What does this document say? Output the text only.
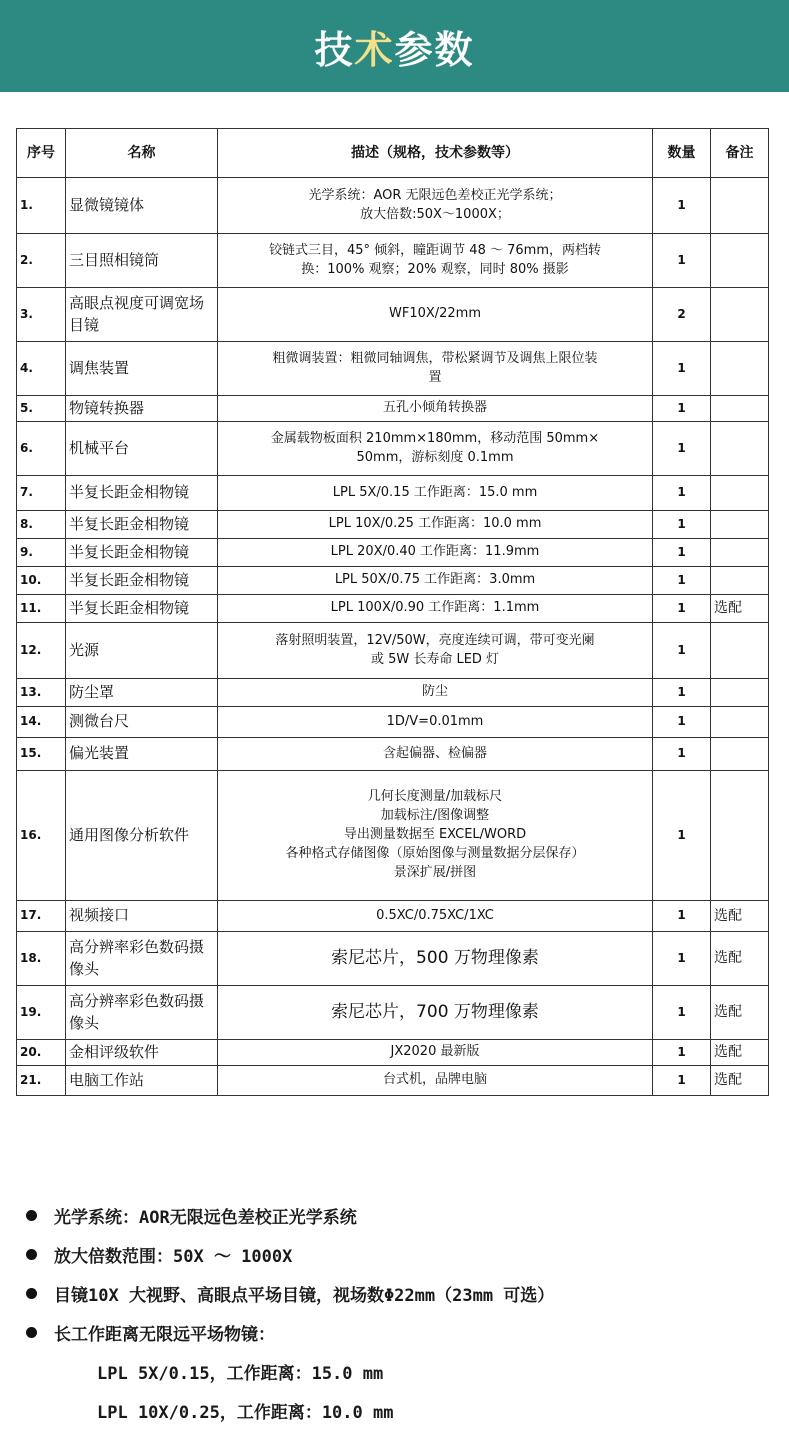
技术参数
序号	名称	描述（规格，技术参数等）	数量	备注
1.	显微镜镜体	光学系统：AOR 无限远色差校正光学系统；
放大倍数:50X～1000X；	1	
2.	三目照相镜筒	铰链式三目，45° 倾斜，瞳距调节 48 ～ 76mm，两档转
换：100% 观察；20% 观察，同时 80% 摄影	1	
3.	高眼点视度可调宽场目镜	WF10X/22mm	2	
4.	调焦装置	粗微调装置：粗微同轴调焦，带松紧调节及调焦上限位装
置	1	
5.	物镜转换器	五孔小倾角转换器	1	
6.	机械平台	金属载物板面积 210mm×180mm，移动范围 50mm×
50mm，游标刻度 0.1mm	1	
7.	半复长距金相物镜	LPL 5X/0.15 工作距离：15.0 mm	1	
8.	半复长距金相物镜	LPL 10X/0.25 工作距离：10.0 mm	1	
9.	半复长距金相物镜	LPL 20X/0.40 工作距离：11.9mm	1	
10.	半复长距金相物镜	LPL 50X/0.75 工作距离：3.0mm	1	
11.	半复长距金相物镜	LPL 100X/0.90 工作距离：1.1mm	1	选配
12.	光源	落射照明装置，12V/50W，亮度连续可调，带可变光阑
或 5W 长寿命 LED 灯	1	
13.	防尘罩	防尘	1	
14.	测微台尺	1D/V=0.01mm	1	
15.	偏光装置	含起偏器、检偏器	1	
16.	通用图像分析软件	几何长度测量/加载标尺
加载标注/图像调整
导出测量数据至 EXCEL/WORD
各种格式存储图像（原始图像与测量数据分层保存）
景深扩展/拼图	1	
17.	视频接口	0.5XC/0.75XC/1XC	1	选配
18.	高分辨率彩色数码摄像头	索尼芯片，500 万物理像素	1	选配
19.	高分辨率彩色数码摄像头	索尼芯片，700 万物理像素	1	选配
20.	金相评级软件	JX2020 最新版	1	选配
21.	电脑工作站	台式机，品牌电脑	1	选配
光学系统：AOR无限远色差校正光学系统
放大倍数范围：50X ～ 1000X
目镜10X 大视野、高眼点平场目镜，视场数Φ22mm（23mm 可选）
长工作距离无限远平场物镜：
LPL 5X/0.15，工作距离：15.0 mm
LPL 10X/0.25，工作距离：10.0 mm
